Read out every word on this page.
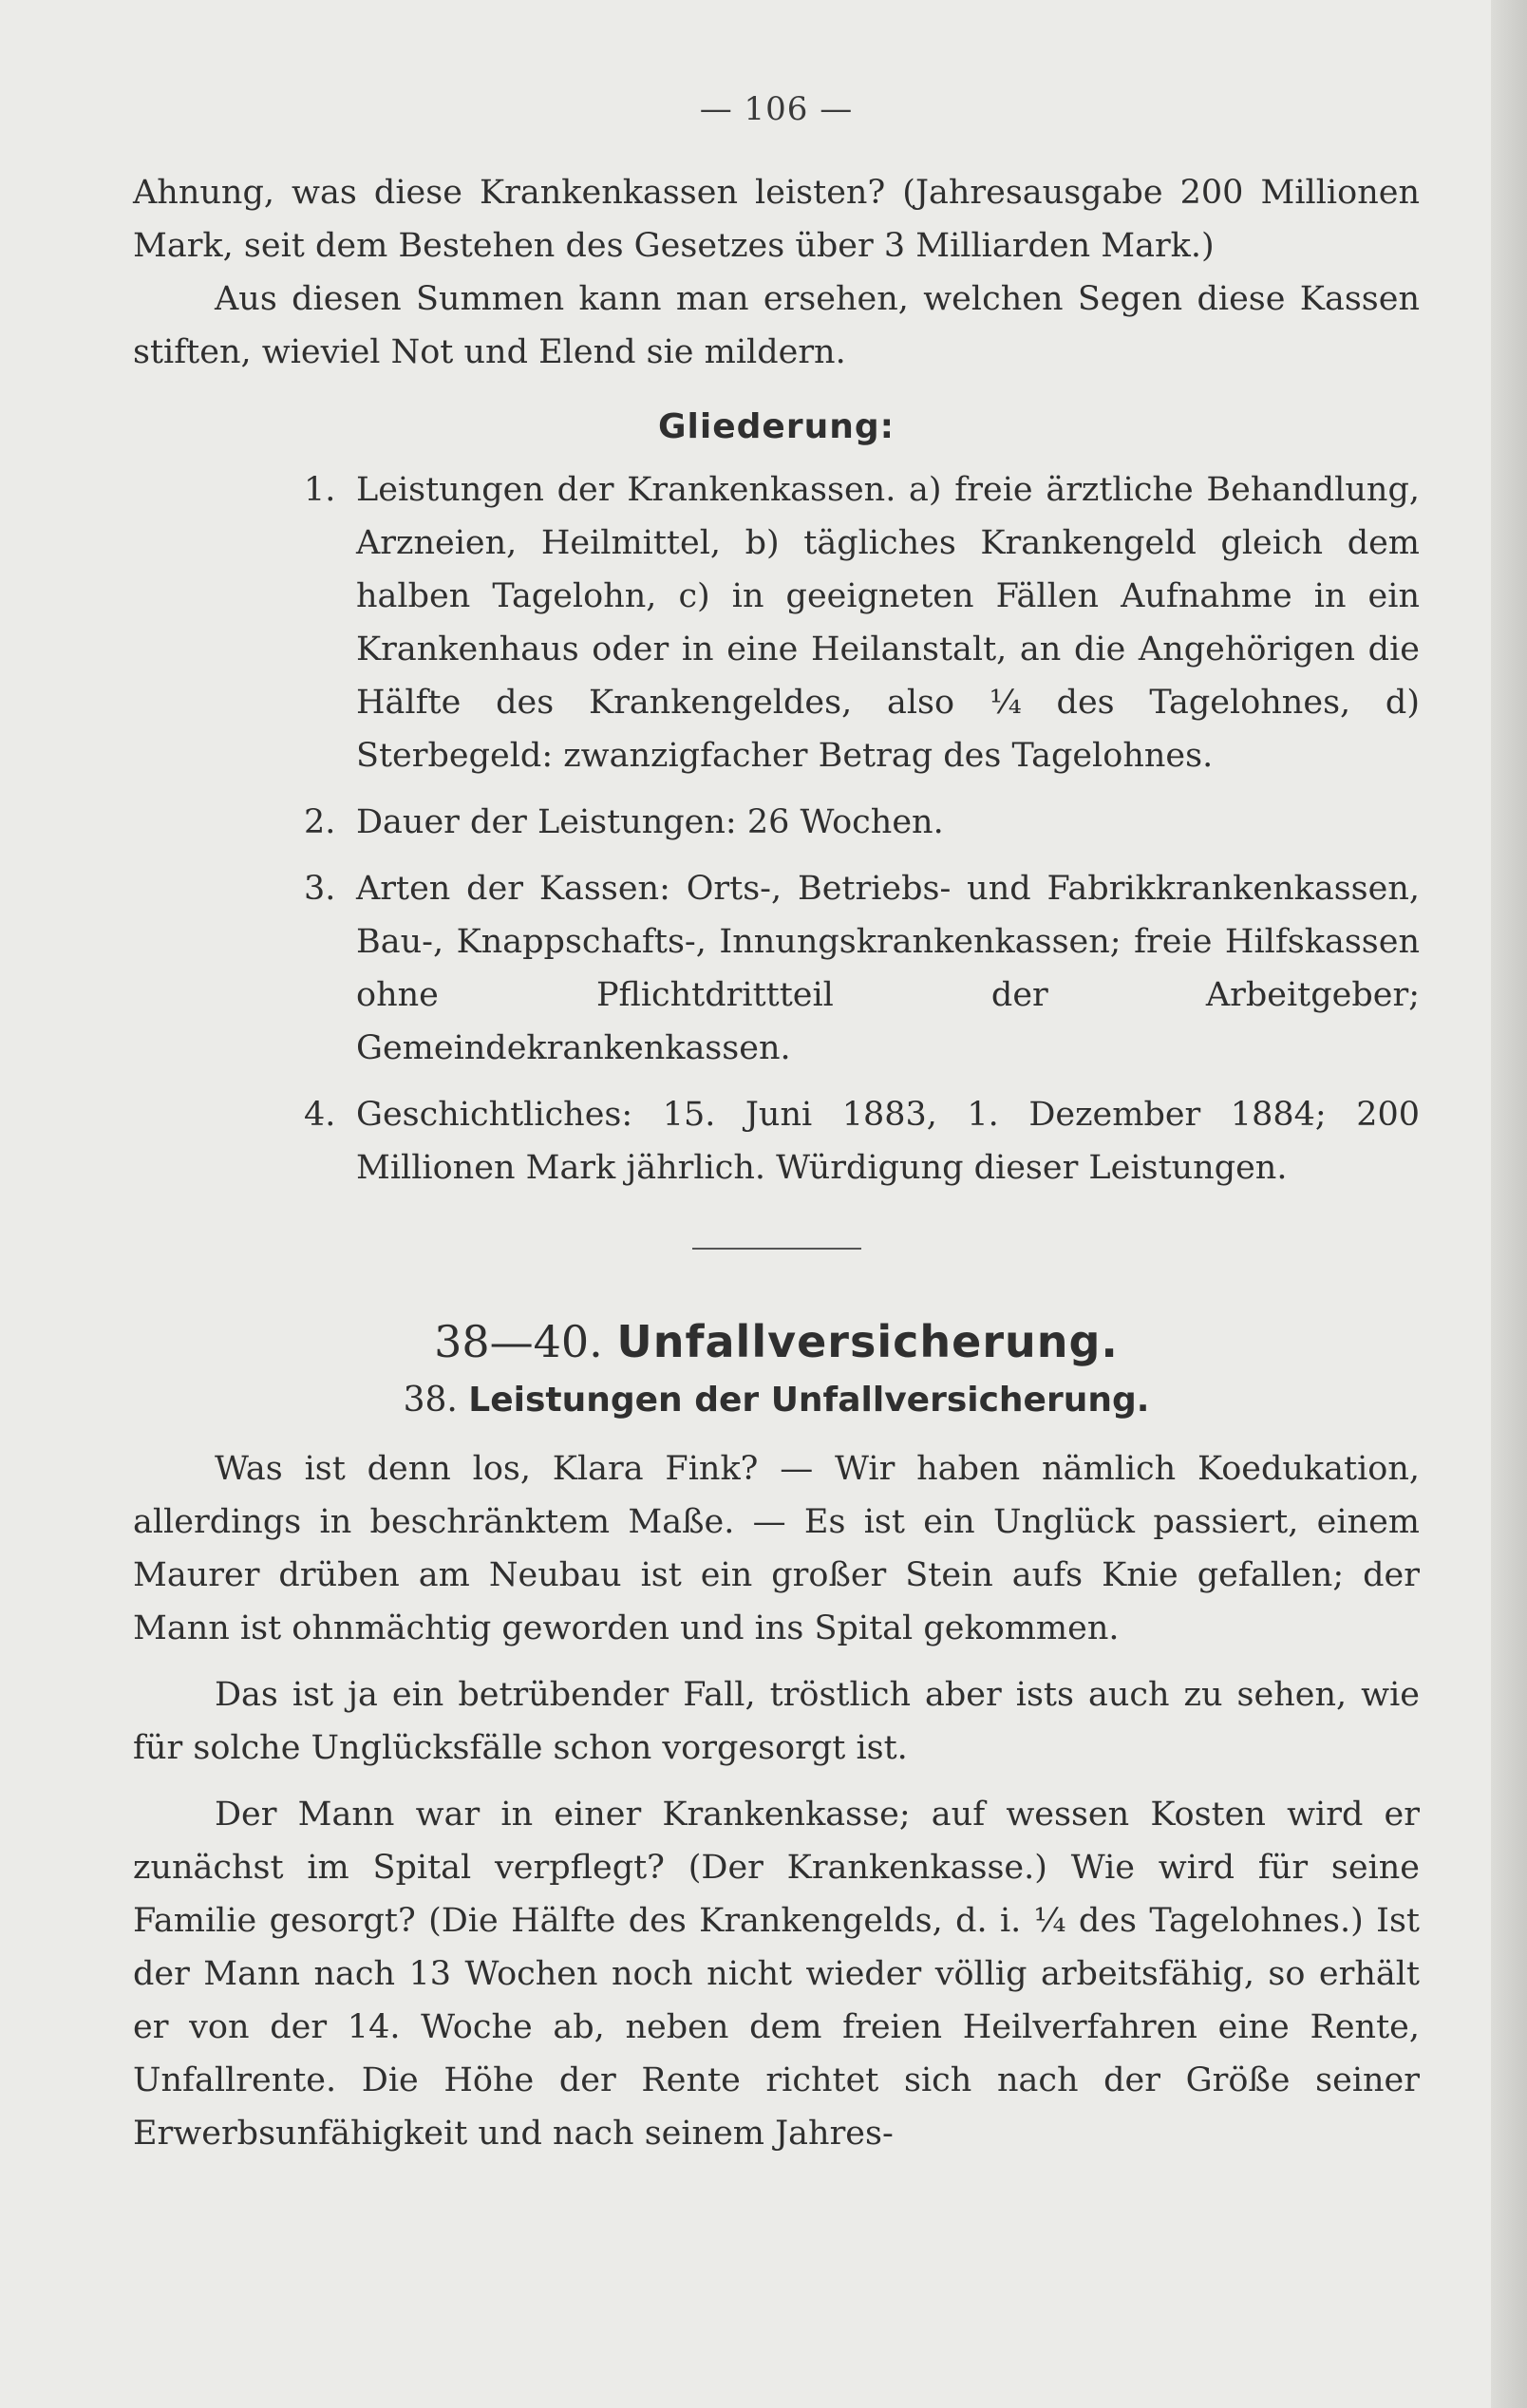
— 106 —

Ahnung, was diese Krankenkassen leisten? (Jahresausgabe 200 Millionen Mark, seit dem Bestehen des Gesetzes über 3 Milliarden Mark.)

Aus diesen Summen kann man ersehen, welchen Segen diese Kassen stiften, wieviel Not und Elend sie mildern.

Gliederung:
1. Leistungen der Krankenkassen. a) freie ärztliche Behandlung, Arzneien, Heilmittel, b) tägliches Krankengeld gleich dem halben Tagelohn, c) in geeigneten Fällen Aufnahme in ein Krankenhaus oder in eine Heilanstalt, an die Angehörigen die Hälfte des Krankengeldes, also ¼ des Tagelohnes, d) Sterbegeld: zwanzigfacher Betrag des Tagelohnes.
2. Dauer der Leistungen: 26 Wochen.
3. Arten der Kassen: Orts-, Betriebs- und Fabrikkrankenkassen, Bau-, Knappschafts-, Innungskrankenkassen; freie Hilfskassen ohne Pflichtdrittteil der Arbeitgeber; Gemeindekrankenkassen.
4. Geschichtliches: 15. Juni 1883, 1. Dezember 1884; 200 Millionen Mark jährlich. Würdigung dieser Leistungen.
38—40. Unfallversicherung.
38. Leistungen der Unfallversicherung.

Was ist denn los, Klara Fink? — Wir haben nämlich Koedukation, allerdings in beschränktem Maße. — Es ist ein Unglück passiert, einem Maurer drüben am Neubau ist ein großer Stein aufs Knie gefallen; der Mann ist ohnmächtig geworden und ins Spital gekommen.

Das ist ja ein betrübender Fall, tröstlich aber ists auch zu sehen, wie für solche Unglücksfälle schon vorgesorgt ist.

Der Mann war in einer Krankenkasse; auf wessen Kosten wird er zunächst im Spital verpflegt? (Der Krankenkasse.) Wie wird für seine Familie gesorgt? (Die Hälfte des Krankengelds, d. i. ¼ des Tagelohnes.) Ist der Mann nach 13 Wochen noch nicht wieder völlig arbeitsfähig, so erhält er von der 14. Woche ab, neben dem freien Heilverfahren eine Rente, Unfallrente. Die Höhe der Rente richtet sich nach der Größe seiner Erwerbsunfähigkeit und nach seinem Jahres-
